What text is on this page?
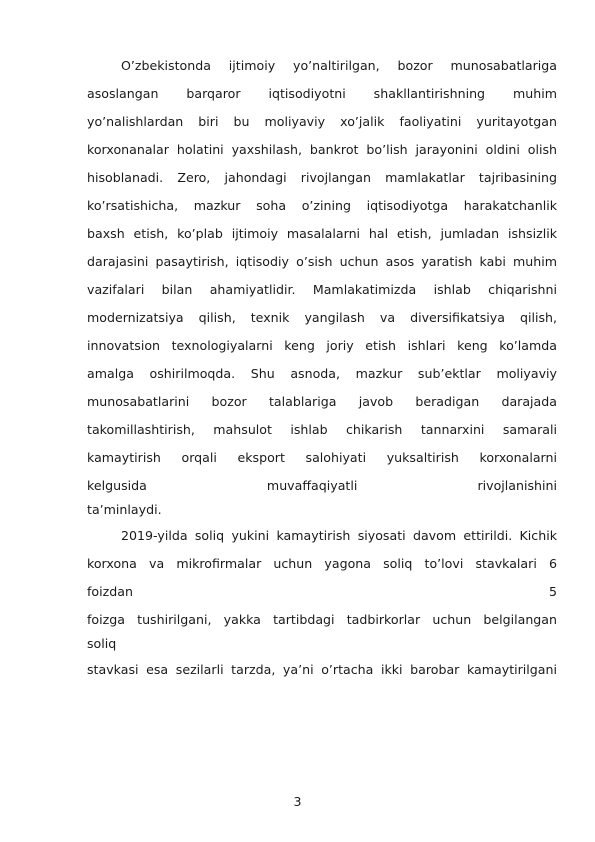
O’zbekistonda ijtimoiy yo’naltirilgan, bozor munosabatlariga
asoslangan barqaror iqtisodiyotni shakllantirishning muhim
yo’nalishlardan biri bu moliyaviy xo’jalik faoliyatini yuritayotgan
korxonanalar holatini yaxshilash, bankrot bo’lish jarayonini oldini olish
hisoblanadi. Zero, jahondagi rivojlangan mamlakatlar tajribasining
ko’rsatishicha, mazkur soha o’zining iqtisodiyotga harakatchanlik
baxsh etish, ko’plab ijtimoiy masalalarni hal etish, jumladan ishsizlik
darajasini pasaytirish, iqtisodiy o’sish uchun asos yaratish kabi muhim
vazifalari bilan ahamiyatlidir. Mamlakatimizda ishlab chiqarishni
modernizatsiya qilish, texnik yangilash va diversifikatsiya qilish,
innovatsion texnologiyalarni keng joriy etish ishlari keng ko’lamda
amalga oshirilmoqda. Shu asnoda, mazkur sub’ektlar moliyaviy
munosabatlarini bozor talablariga javob beradigan darajada
takomillashtirish, mahsulot ishlab chikarish tannarxini samarali
kamaytirish orqali eksport salohiyati yuksaltirish korxonalarni
kelgusida muvaffaqiyatli rivojlanishini
ta’minlaydi.
2019-yilda soliq yukini kamaytirish siyosati davom ettirildi. Kichik
korxona va mikrofirmalar uchun yagona soliq to’lovi stavkalari 6
foizdan	5
foizga tushirilgani, yakka tartibdagi tadbirkorlar uchun belgilangan
soliq
stavkasi esa sezilarli tarzda, ya’ni o’rtacha ikki barobar kamaytirilgani
3
